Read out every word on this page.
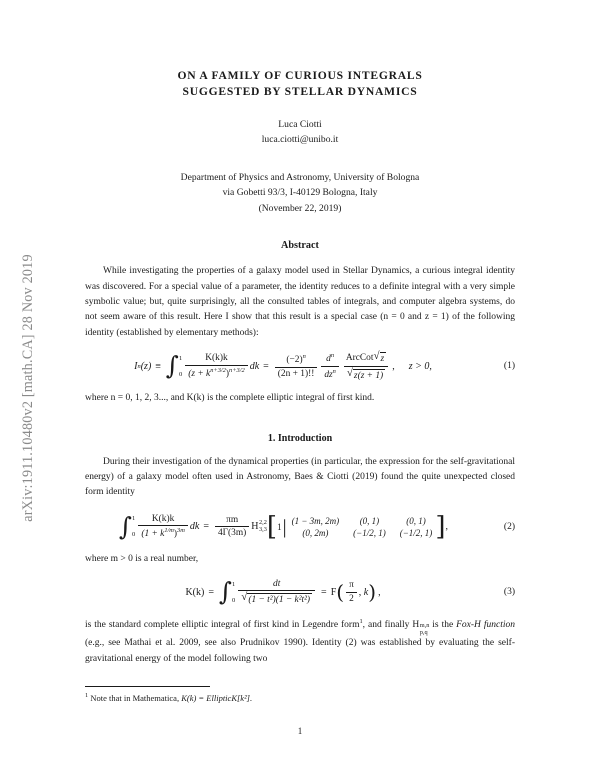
arXiv:1911.10480v2 [math.CA] 28 Nov 2019
ON A FAMILY OF CURIOUS INTEGRALS
SUGGESTED BY STELLAR DYNAMICS
Luca Ciotti
luca.ciotti@unibo.it
Department of Physics and Astronomy, University of Bologna
via Gobetti 93/3, I-40129 Bologna, Italy
(November 22, 2019)
Abstract

While investigating the properties of a galaxy model used in Stellar Dynamics, a curious integral identity was discovered. For a special value of a parameter, the identity reduces to a definite integral with a very simple symbolic value; but, quite surprisingly, all the consulted tables of integrals, and computer algebra systems, do not seem aware of this result. Here I show that this result is a special case (n = 0 and z = 1) of the following identity (established by elementary methods):

I n (z) ≡ ∫ 1
$0 \frac{K(k)k}{(z + k^{n+3/2})^{n+3/2}}$ dk = $\frac{(-2)^n}{(2n + 1)!!} \frac{d^n}{dz^n} \frac{\text{ArcCot √ z}}{√ z(z + 1)}$ , z > 0,	(1)

where n = 0, 1, 2, 3..., and K(k) is the complete elliptic integral of first kind.

1. Introduction

During their investigation of the dynamical properties (in particular, the expression for the self-gravitational energy) of a galaxy model often used in Astronomy, Baes & Ciotti (2019) found the quite unexpected closed form identity

∫ 1
$0 \frac{K(k)k}{(1 + k^{1/m})^{3m}}$ dk = $\frac{\pi m}{4\Gamma(3m)}$ H 2,2
3,3 [ 1 | (1 − 3m, 2m)	(0, 1)	(0, 1)
(0, 2m)	(−1/2, 1) (−1/2, 1) ] ,	(2)

where m > 0 is a real number,

K(k) = ∫ 1
$0 \frac{dt}{\text{√ (1 − t²)(1 − k²t²)}} = F$ ( $\frac{\pi}{2}$ , k ) ,	(3)

is the standard complete elliptic integral of first kind in Legendre form$^1$, and finally H m,n
p,q
is the Fox-H function (e.g., see Mathai et al. 2009, see also Prudnikov 1990). Identity (2) was established by evaluating the self-gravitational energy of the model following two

$^1$ Note that in Mathematica, K(k) = EllipticK[k²].
1
